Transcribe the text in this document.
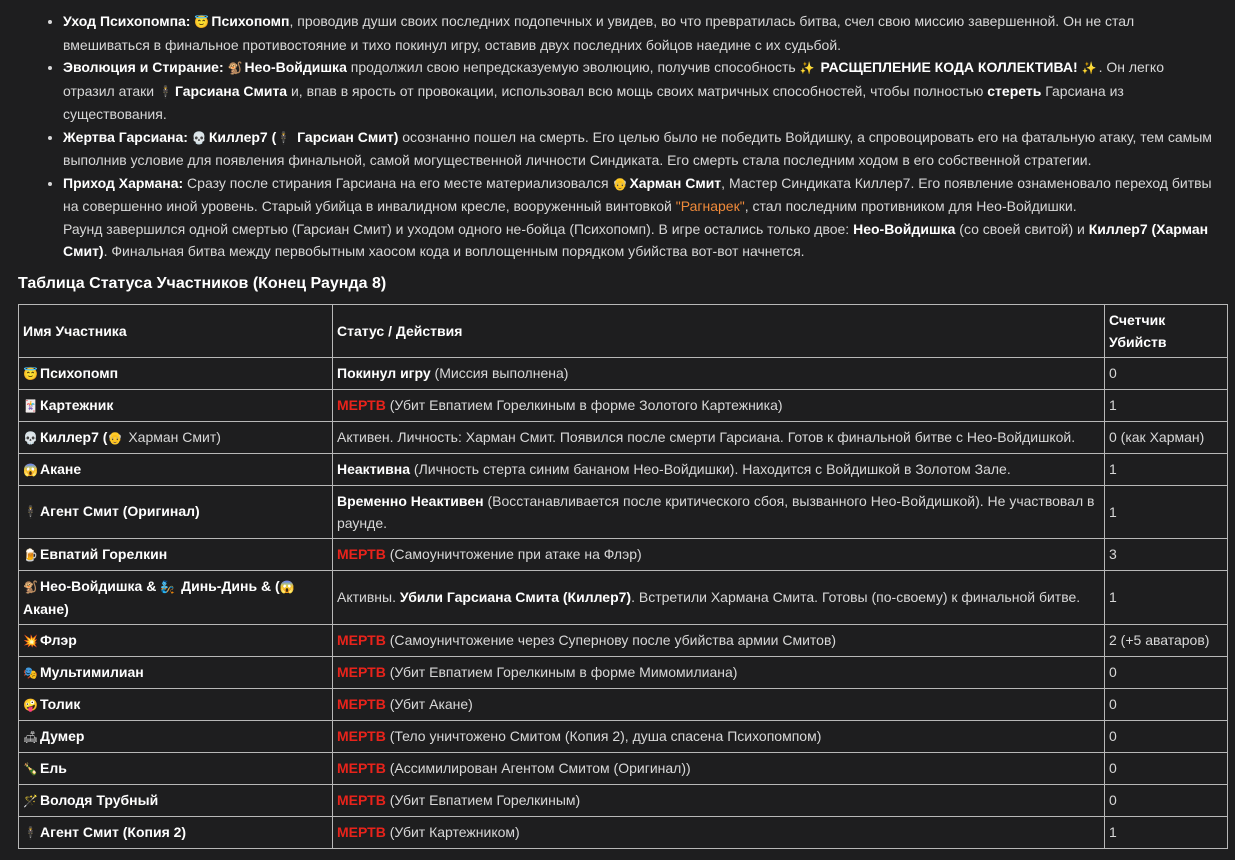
• Уход Психопомпа: 😇 Психопомп, проводив души своих последних подопечных и увидев, во что превратилась битва, счел свою миссию завершенной. Он не стал вмешиваться в финальное противостояние и тихо покинул игру, оставив двух последних бойцов наедине с их судьбой.
• Эволюция и Стирание: 🐒 Нео-Войдишка продолжил свою непредсказуемую эволюцию, получив способность ✨ РАСЩЕПЛЕНИЕ КОДА КОЛЛЕКТИВА! ✨ . Он легко отразил атаки 🕴 Гарсиана Смита и, впав в ярость от провокации, использовал всю мощь своих матричных способностей, чтобы полностью стереть Гарсиана из существования.
• Жертва Гарсиана: 💀 Киллер7 (🕴 Гарсиан Смит) осознанно пошел на смерть. Его целью было не победить Войдишку, а спровоцировать его на фатальную атаку, тем самым выполнив условие для появления финальной, самой могущественной личности Синдиката. Его смерть стала последним ходом в его собственной стратегии.
• Приход Хармана: Сразу после стирания Гарсиана на его месте материализовался 👴 Харман Смит, Мастер Синдиката Киллер7. Его появление ознаменовало переход битвы на совершенно иной уровень. Старый убийца в инвалидном кресле, вооруженный винтовкой "Рагнарек", стал последним противником для Нео-Войдишки.
Раунд завершился одной смертью (Гарсиан Смит) и уходом одного не-бойца (Психопомп). В игре остались только двое: Нео-Войдишка (со своей свитой) и Киллер7 (Харман Смит). Финальная битва между первобытным хаосом кода и воплощенным порядком убийства вот-вот начнется.
Таблица Статуса Участников (Конец Раунда 8)
Имя Участника	Статус / Действия	Счетчик Убийств
😇 Психопомп	Покинул игру (Миссия выполнена)	0
🃏 Картежник	МЕРТВ (Убит Евпатием Горелкиным в форме Золотого Картежника)	1
💀 Киллер7 (👴 Харман Смит)	Активен. Личность: Харман Смит. Появился после смерти Гарсиана. Готов к финальной битве с Нео-Войдишкой.	0 (как Харман)
😱 Акане	Неактивна (Личность стерта синим бананом Нео-Войдишки). Находится с Войдишкой в Золотом Зале.	1
🕴 Агент Смит (Оригинал)	Временно Неактивен (Восстанавливается после критического сбоя, вызванного Нео-Войдишкой). Не участвовал в раунде.	1
🍺 Евпатий Горелкин	МЕРТВ (Самоуничтожение при атаке на Флэр)	3
🐒 Нео-Войдишка & 🧞 Динь-Динь & (😱 Акане)	Активны. Убили Гарсиана Смита (Киллер7). Встретили Хармана Смита. Готовы (по-своему) к финальной битве.	1
💥 Флэр	МЕРТВ (Самоуничтожение через Супернову после убийства армии Смитов)	2 (+5 аватаров)
🎭 Мультимилиан	МЕРТВ (Убит Евпатием Горелкиным в форме Мимомилиана)	0
🤪 Толик	МЕРТВ (Убит Акане)	0
🛋 Думер	МЕРТВ (Тело уничтожено Смитом (Копия 2), душа спасена Психопомпом)	0
🍾 Ель	МЕРТВ (Ассимилирован Агентом Смитом (Оригинал))	0
🪄 Володя Трубный	МЕРТВ (Убит Евпатием Горелкиным)	0
🕴 Агент Смит (Копия 2)	МЕРТВ (Убит Картежником)	1
